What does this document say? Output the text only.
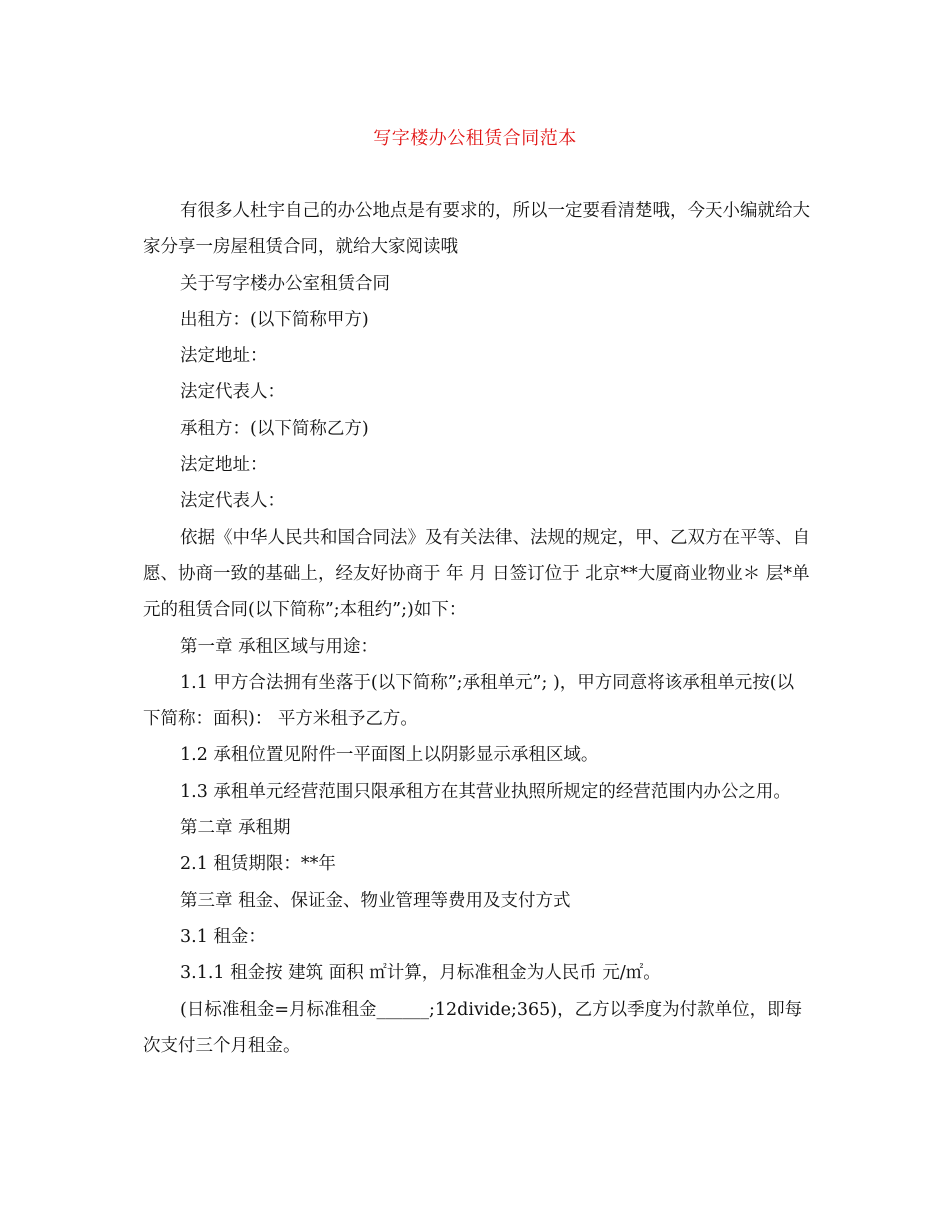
写字楼办公租赁合同范本

有很多人杜宇自己的办公地点是有要求的，所以一定要看清楚哦，今天小编就给大家分享一房屋租赁合同，就给大家阅读哦

关于写字楼办公室租赁合同

出租方：(以下简称甲方)

法定地址：

法定代表人：

承租方：(以下简称乙方)

法定地址：

法定代表人：

依据《中华人民共和国合同法》及有关法律、法规的规定，甲、乙双方在平等、自愿、协商一致的基础上，经友好协商于 年 月 日签订位于 北京**大厦商业物业＊ 层*单元的租赁合同(以下简称”;本租约”;)如下：

第一章 承租区域与用途：

1.1 甲方合法拥有坐落于(以下简称”;承租单元”; )，甲方同意将该承租单元按(以下简称：面积)： 平方米租予乙方。

1.2 承租位置见附件一平面图上以阴影显示承租区域。

1.3 承租单元经营范围只限承租方在其营业执照所规定的经营范围内办公之用。

第二章 承租期

2.1 租赁期限：**年

第三章 租金、保证金、物业管理等费用及支付方式

3.1 租金：

3.1.1 租金按 建筑 面积 ㎡计算，月标准租金为人民币 元/㎡。

(日标准租金=月标准租金______;12divide;365)，乙方以季度为付款单位，即每次支付三个月租金。
